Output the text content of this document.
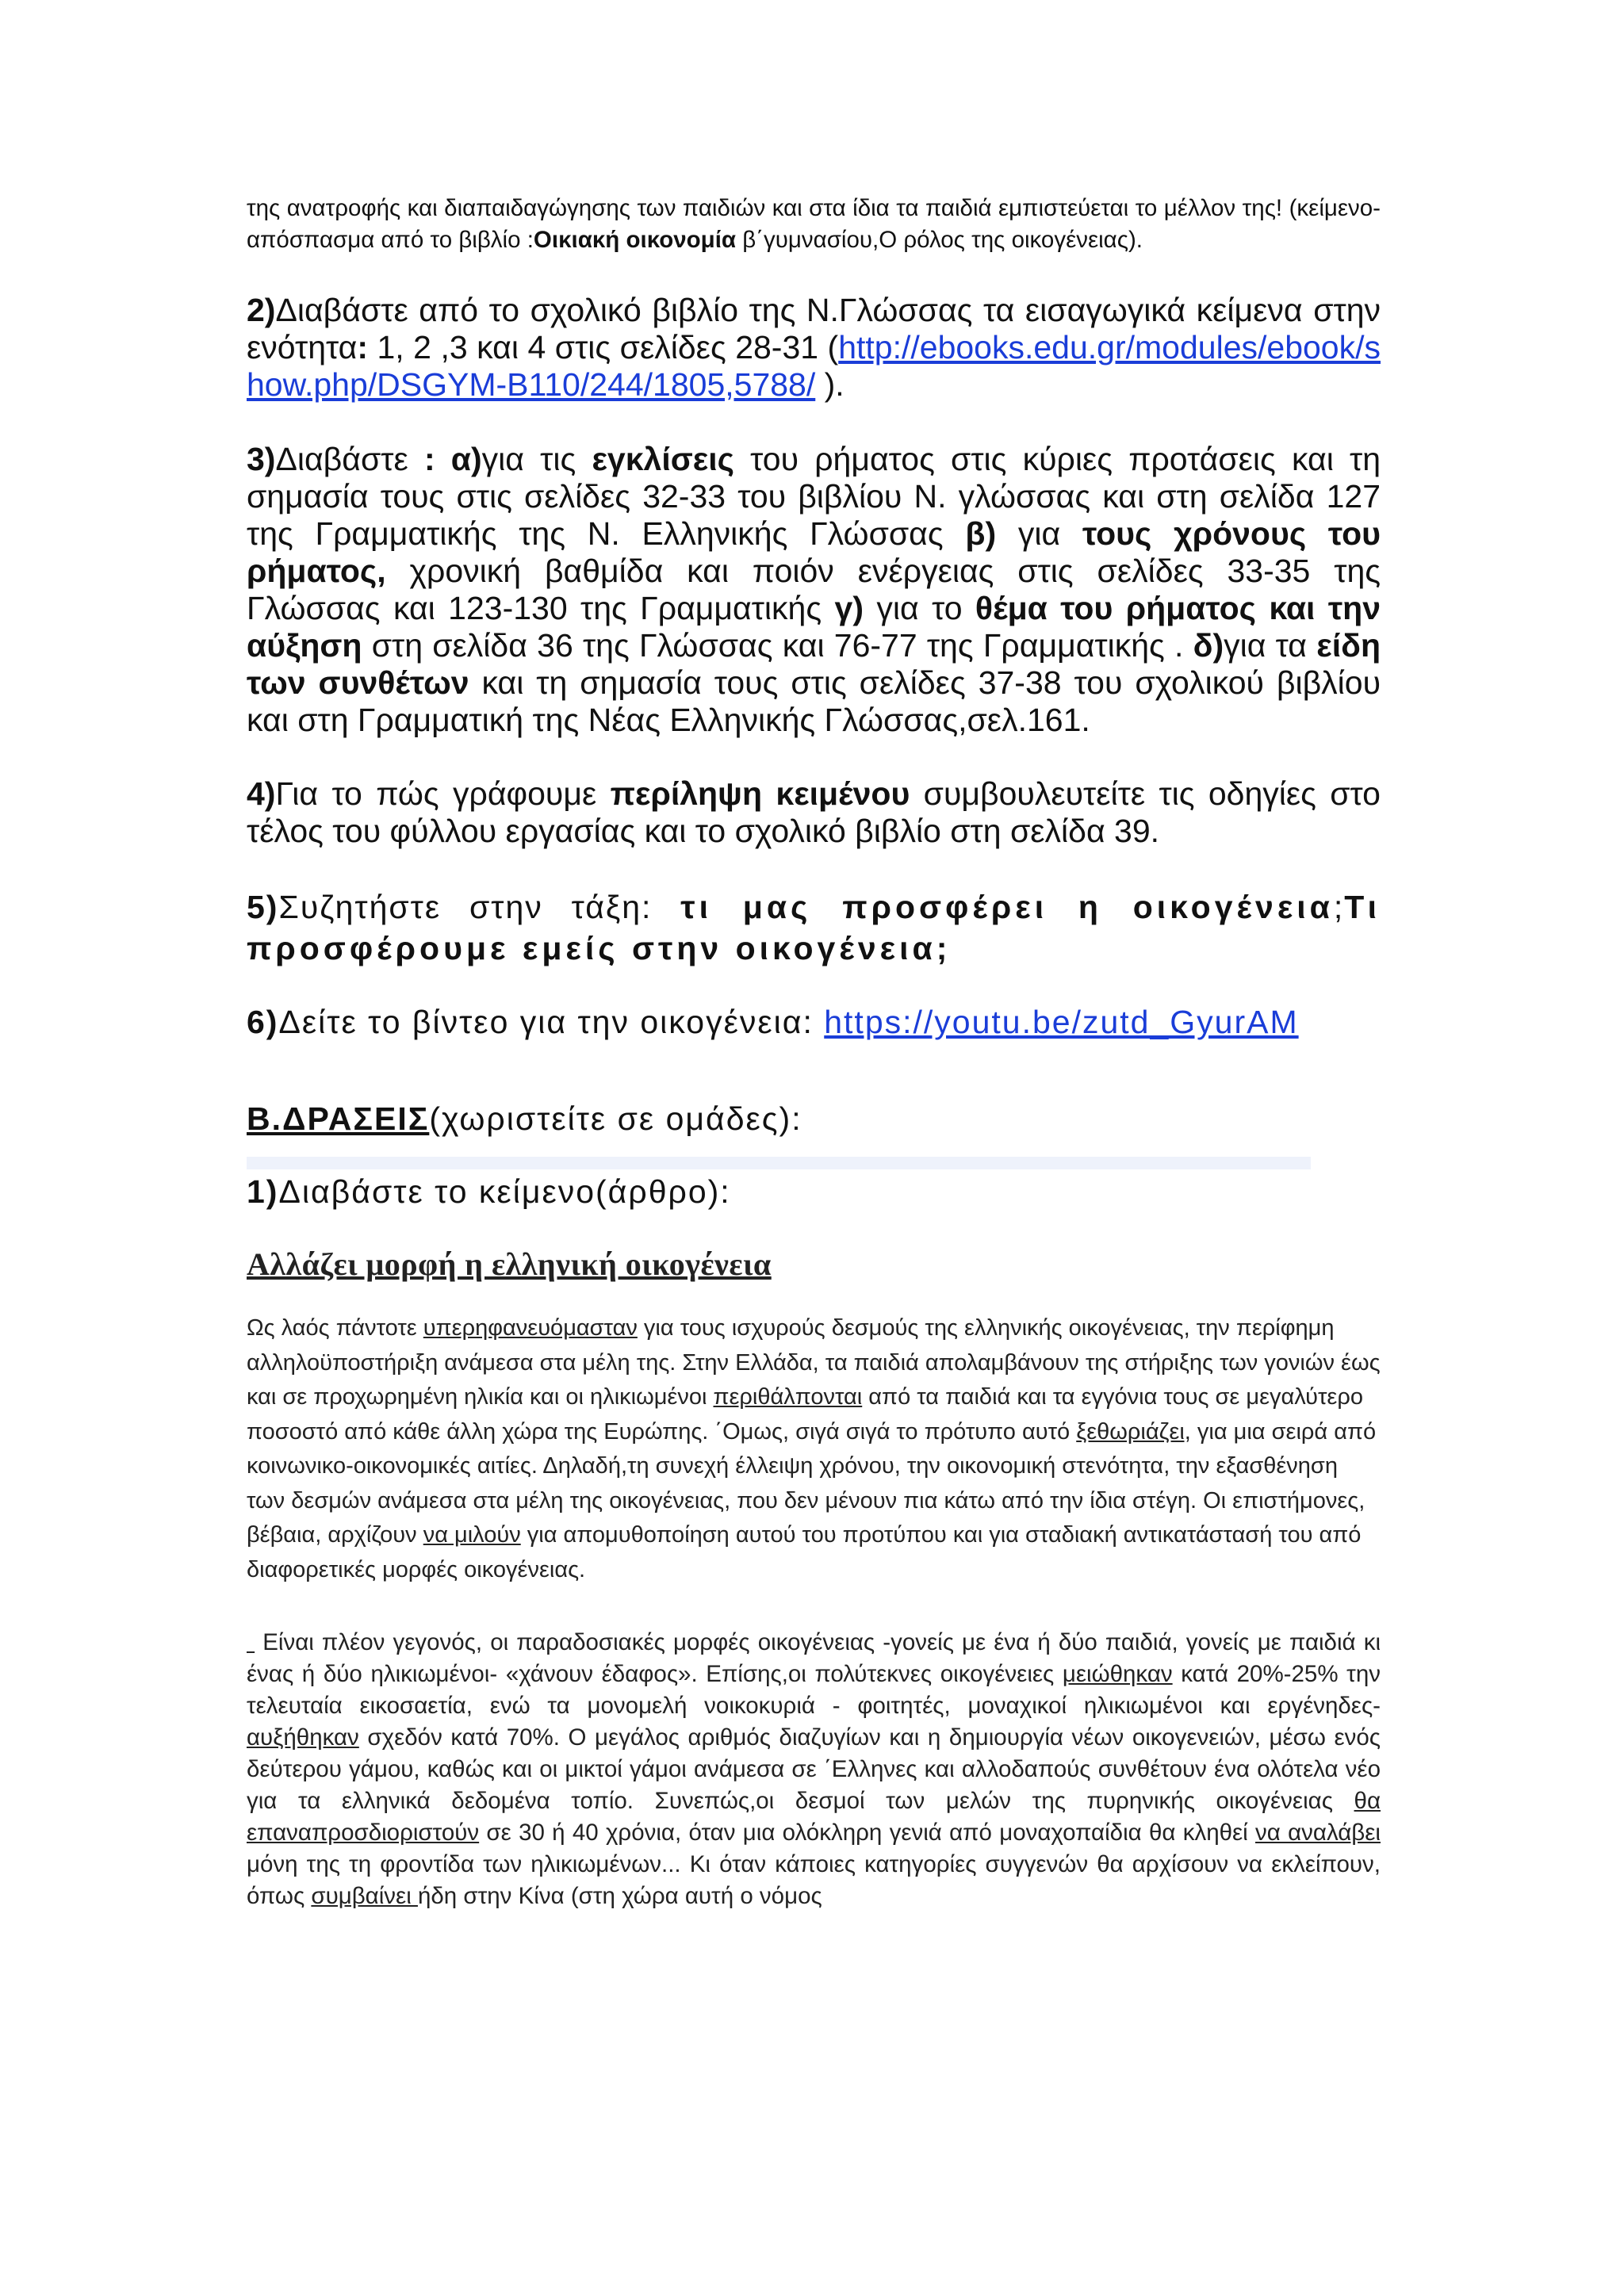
της ανατροφής και διαπαιδαγώγησης των παιδιών και στα ίδια τα παιδιά εμπιστεύεται το μέλλον της! (κείμενο-απόσπασμα από το βιβλίο :Οικιακή οικονομία β΄γυμνασίου,Ο ρόλος της οικογένειας).

2)Διαβάστε από το σχολικό βιβλίο της Ν.Γλώσσας τα εισαγωγικά κείμενα στην ενότητα: 1, 2 ,3 και 4 στις σελίδες 28-31 (http://ebooks.edu.gr/modules/ebook/show.php/DSGYM-B110/244/1805,5788/ ).

3)Διαβάστε : α)για τις εγκλίσεις του ρήματος στις κύριες προτάσεις και τη σημασία τους στις σελίδες 32-33 του βιβλίου Ν. γλώσσας και στη σελίδα 127 της Γραμματικής της Ν. Ελληνικής Γλώσσας β) για τους χρόνους του ρήματος, χρονική βαθμίδα και ποιόν ενέργειας στις σελίδες 33-35 της Γλώσσας και 123-130 της Γραμματικής γ) για το θέμα του ρήματος και την αύξηση στη σελίδα 36 της Γλώσσας και 76-77 της Γραμματικής . δ)για τα είδη των συνθέτων και τη σημασία τους στις σελίδες 37-38 του σχολικού βιβλίου και στη Γραμματική της Νέας Ελληνικής Γλώσσας,σελ.161.

4)Για το πώς γράφουμε περίληψη κειμένου συμβουλευτείτε τις οδηγίες στο τέλος του φύλλου εργασίας και το σχολικό βιβλίο στη σελίδα 39.

5)Συζητήστε στην τάξη: τι μας προσφέρει η οικογένεια;Τι προσφέρουμε εμείς στην οικογένεια;

6)Δείτε το βίντεο για την οικογένεια: https://youtu.be/zutd_GyurAM

Β.ΔΡΑΣΕΙΣ(χωριστείτε σε ομάδες):

1)Διαβάστε το κείμενο(άρθρο):

Αλλάζει μορφή η ελληνική οικογένεια

Ως λαός πάντοτε υπερηφανευόμασταν για τους ισχυρούς δεσμούς της ελληνικής οικογένειας, την περίφημη αλληλοϋποστήριξη ανάμεσα στα μέλη της. Στην Ελλάδα, τα παιδιά απολαμβάνουν της στήριξης των γονιών έως και σε προχωρημένη ηλικία και οι ηλικιωμένοι περιθάλπονται από τα παιδιά και τα εγγόνια τους σε μεγαλύτερο ποσοστό από κάθε άλλη χώρα της Ευρώπης. ΄Ομως, σιγά σιγά το πρότυπο αυτό ξεθωριάζει, για μια σειρά από κοινωνικο-οικονομικές αιτίες. Δηλαδή,τη συνεχή έλλειψη χρόνου, την οικονομική στενότητα, την εξασθένηση των δεσμών ανάμεσα στα μέλη της οικογένειας, που δεν μένουν πια κάτω από την ίδια στέγη. Οι επιστήμονες, βέβαια, αρχίζουν να μιλούν για απομυθοποίηση αυτού του προτύπου και για σταδιακή αντικατάστασή του από διαφορετικές μορφές οικογένειας.

Είναι πλέον γεγονός, οι παραδοσιακές μορφές οικογένειας -γονείς με ένα ή δύο παιδιά, γονείς με παιδιά κι ένας ή δύο ηλικιωμένοι- «χάνουν έδαφος». Επίσης,οι πολύτεκνες οικογένειες μειώθηκαν κατά 20%-25% την τελευταία εικοσαετία, ενώ τα μονομελή νοικοκυριά - φοιτητές, μοναχικοί ηλικιωμένοι και εργένηδες- αυξήθηκαν σχεδόν κατά 70%. Ο μεγάλος αριθμός διαζυγίων και η δημιουργία νέων οικογενειών, μέσω ενός δεύτερου γάμου, καθώς και οι μικτοί γάμοι ανάμεσα σε ΄Ελληνες και αλλοδαπούς συνθέτουν ένα ολότελα νέο για τα ελληνικά δεδομένα τοπίο. Συνεπώς,οι δεσμοί των μελών της πυρηνικής οικογένειας θα επαναπροσδιοριστούν σε 30 ή 40 χρόνια, όταν μια ολόκληρη γενιά από μοναχοπαίδια θα κληθεί να αναλάβει μόνη της τη φροντίδα των ηλικιωμένων... Κι όταν κάποιες κατηγορίες συγγενών θα αρχίσουν να εκλείπουν, όπως συμβαίνει ήδη στην Κίνα (στη χώρα αυτή ο νόμος
